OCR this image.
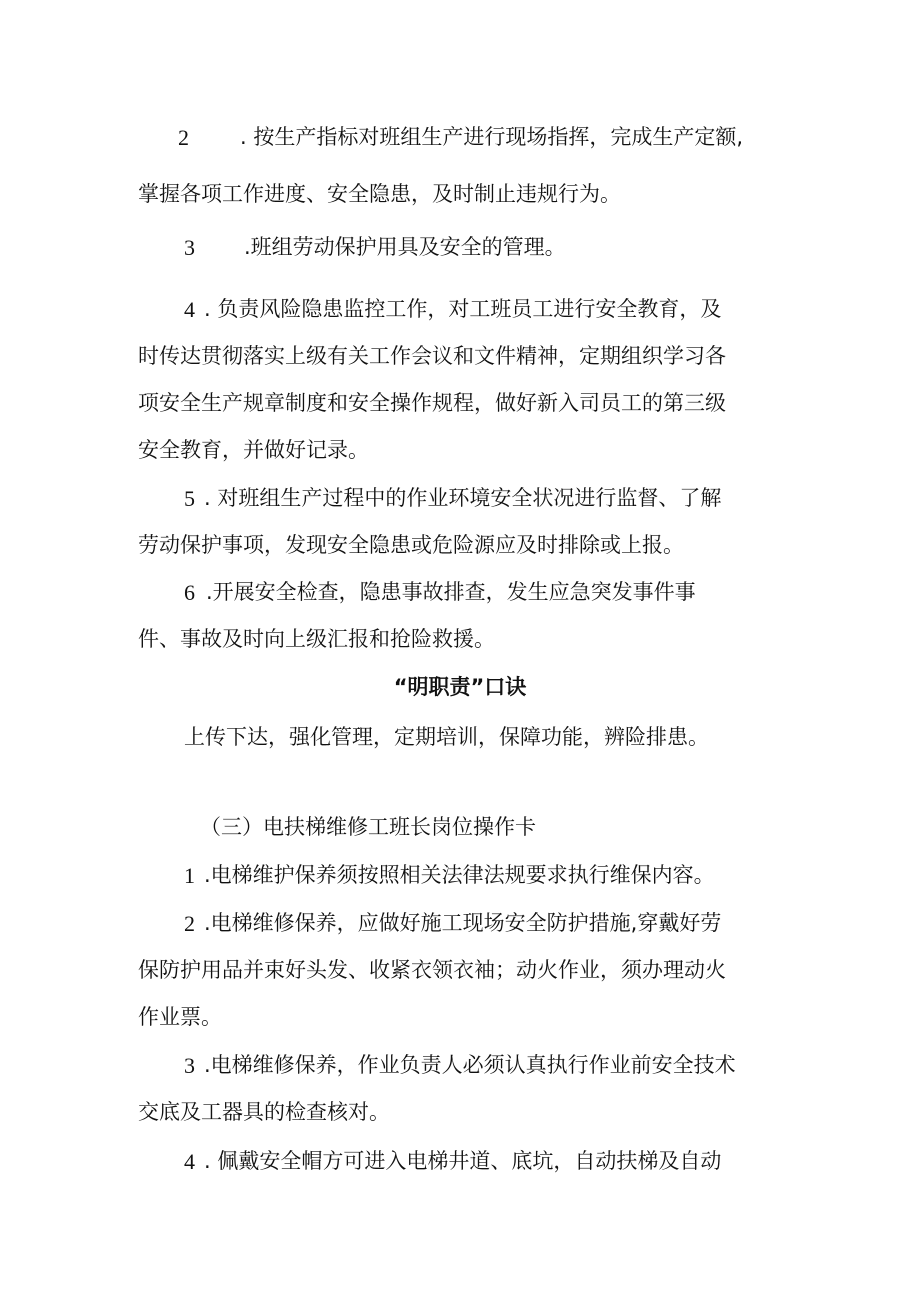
2 . 按生产指标对班组生产进行现场指挥，完成生产定额,
掌握各项工作进度、安全隐患，及时制止违规行为。
3 .班组劳动保护用具及安全的管理。
4 . 负责风险隐患监控工作，对工班员工进行安全教育，及
时传达贯彻落实上级有关工作会议和文件精神，定期组织学习各
项安全生产规章制度和安全操作规程，做好新入司员工的第三级
安全教育，并做好记录。
5 . 对班组生产过程中的作业环境安全状况进行监督、了解
劳动保护事项，发现安全隐患或危险源应及时排除或上报。
6 .开展安全检查，隐患事故排查，发生应急突发事件事
件、事故及时向上级汇报和抢险救援。
“明职责”口诀
上传下达，强化管理，定期培训，保障功能，辨险排患。
（三）电扶梯维修工班长岗位操作卡
1 .电梯维护保养须按照相关法律法规要求执行维保内容。
2 .电梯维修保养，应做好施工现场安全防护措施,穿戴好劳
保防护用品并束好头发、收紧衣领衣袖；动火作业，须办理动火
作业票。
3 .电梯维修保养，作业负责人必须认真执行作业前安全技术
交底及工器具的检查核对。
4 . 佩戴安全帽方可进入电梯井道、底坑，自动扶梯及自动
